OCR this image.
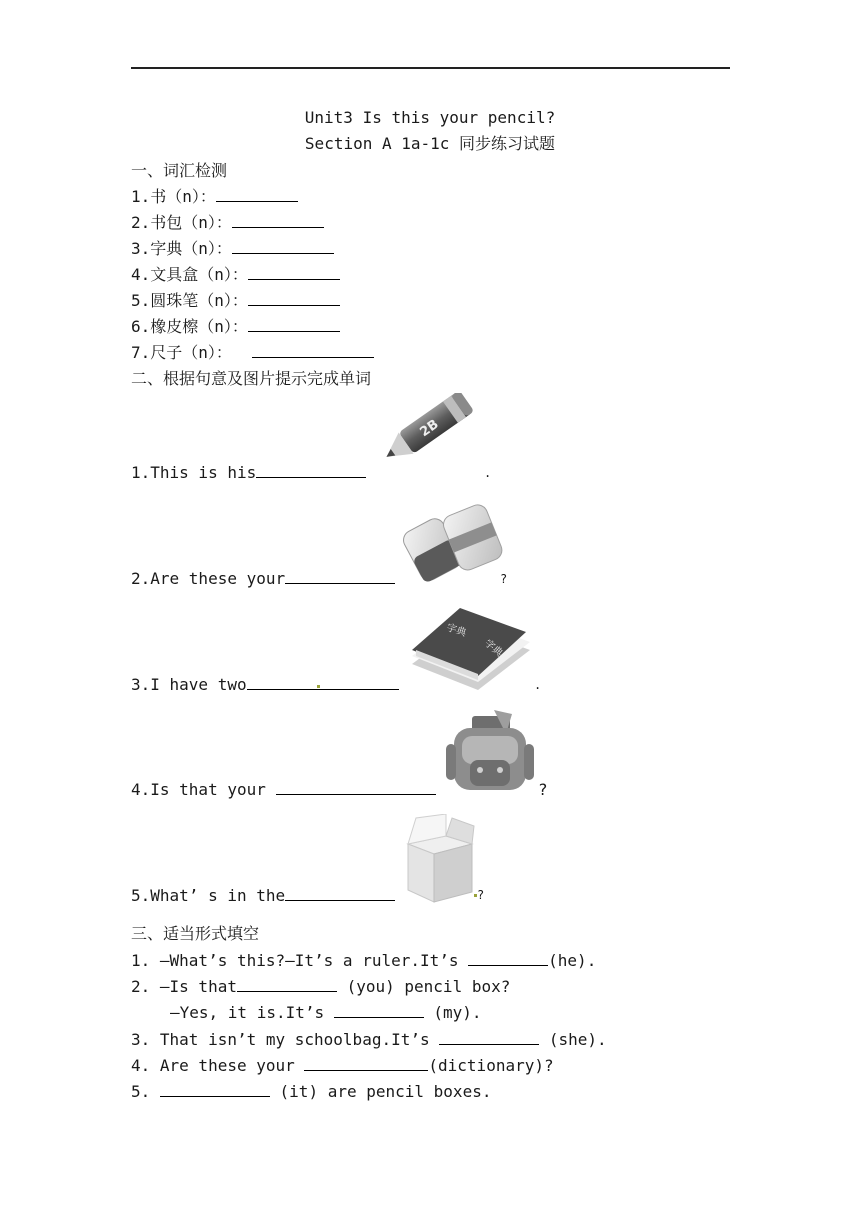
Unit3 Is this your pencil?
Section A 1a-1c 同步练习试题
一、词汇检测
1.书（n）：
2.书包（n）：
3.字典（n）：
4.文具盒（n）：
5.圆珠笔（n）：
6.橡皮檫（n）：
7.尺子（n）：
二、根据句意及图片提示完成单词
2B
1.This is his	.
2.Are these your	?
字典
字典
3.I have two	.
4.Is that your	?
5.What’ s in the	?
三、适当形式填空
1. —What’s this?—It’s a ruler.It’s	(he).
2. —Is that	(you) pencil box?
—Yes, it is.It’s	(my).
3. That isn’t my schoolbag.It’s	(she).
4. Are these your	(dictionary)?
5.	(it) are pencil boxes.
